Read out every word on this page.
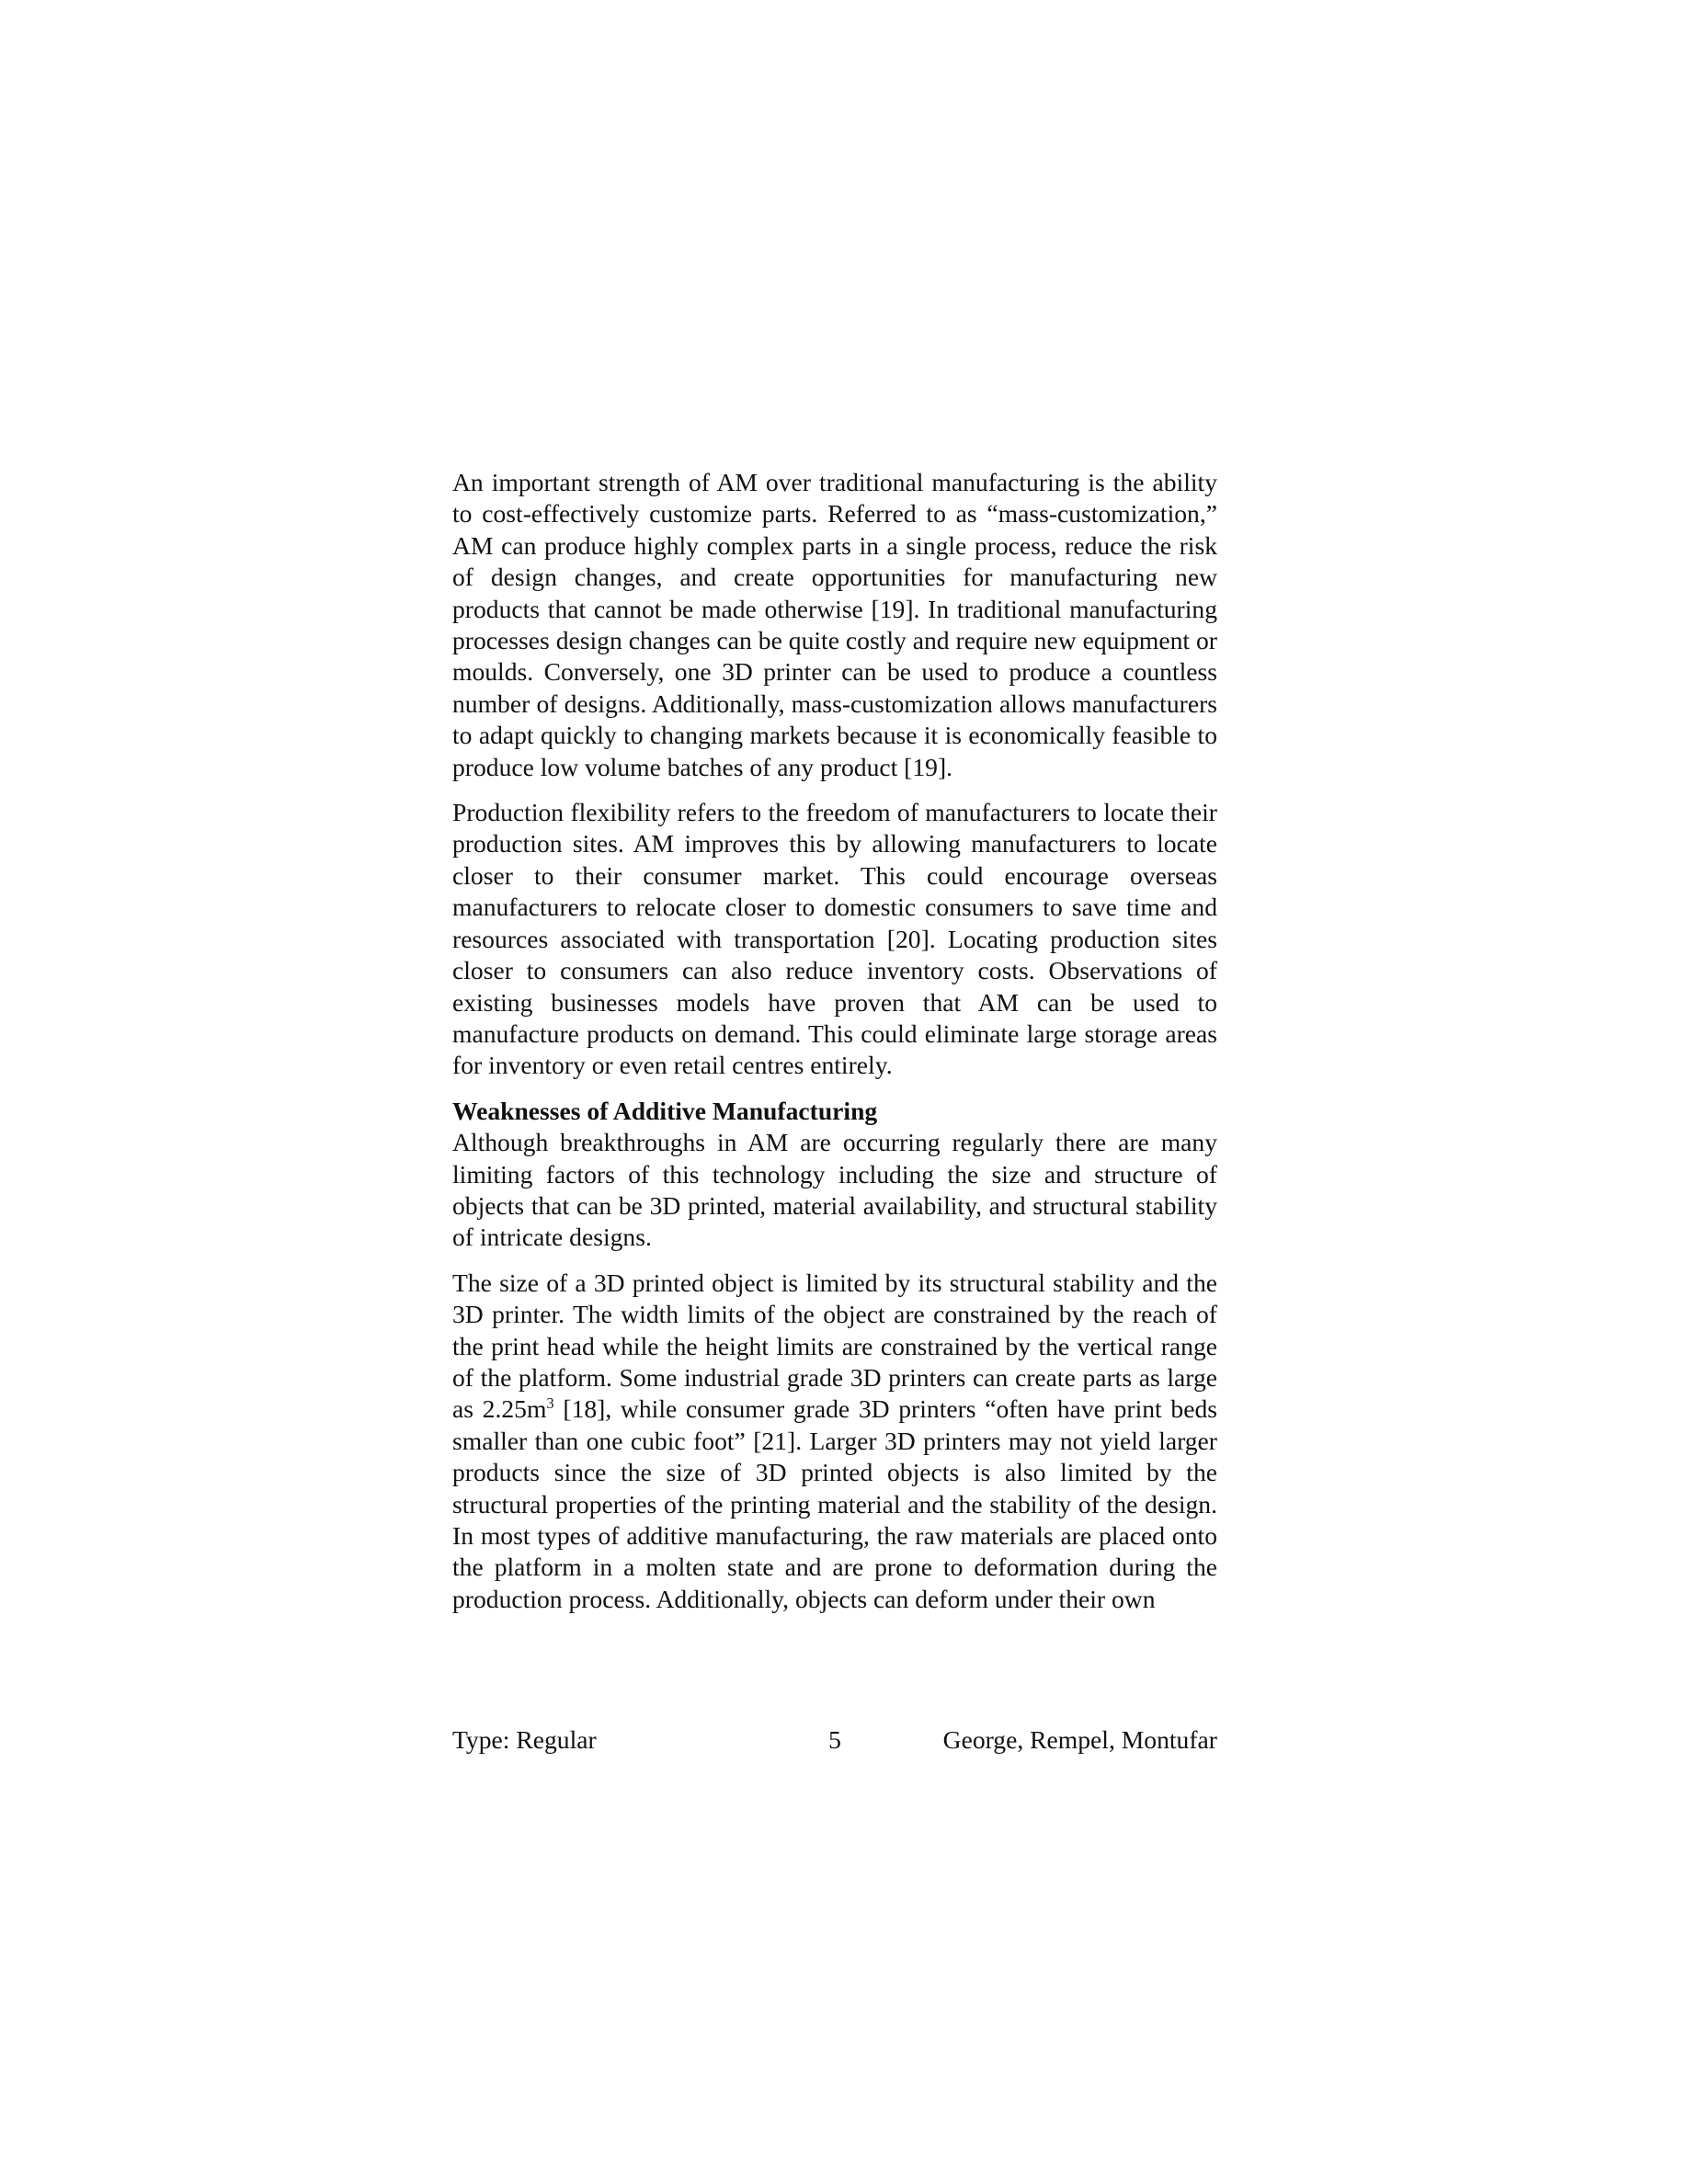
An important strength of AM over traditional manufacturing is the ability to cost-effectively customize parts. Referred to as “mass-customization,” AM can produce highly complex parts in a single process, reduce the risk of design changes, and create opportunities for manufacturing new products that cannot be made otherwise [19]. In traditional manufacturing processes design changes can be quite costly and require new equipment or moulds. Conversely, one 3D printer can be used to produce a countless number of designs. Additionally, mass-customization allows manufacturers to adapt quickly to changing markets because it is economically feasible to produce low volume batches of any product [19].

Production flexibility refers to the freedom of manufacturers to locate their production sites. AM improves this by allowing manufacturers to locate closer to their consumer market. This could encourage overseas manufacturers to relocate closer to domestic consumers to save time and resources associated with transportation [20]. Locating production sites closer to consumers can also reduce inventory costs. Observations of existing businesses models have proven that AM can be used to manufacture products on demand. This could eliminate large storage areas for inventory or even retail centres entirely.

Weaknesses of Additive Manufacturing

Although breakthroughs in AM are occurring regularly there are many limiting factors of this technology including the size and structure of objects that can be 3D printed, material availability, and structural stability of intricate designs.

The size of a 3D printed object is limited by its structural stability and the 3D printer. The width limits of the object are constrained by the reach of the print head while the height limits are constrained by the vertical range of the platform. Some industrial grade 3D printers can create parts as large as $2.25m^3$ [18], while consumer grade 3D printers “often have print beds smaller than one cubic foot” [21]. Larger 3D printers may not yield larger products since the size of 3D printed objects is also limited by the structural properties of the printing material and the stability of the design. In most types of additive manufacturing, the raw materials are placed onto the platform in a molten state and are prone to deformation during the production process. Additionally, objects can deform under their own

Type: Regular	5	George, Rempel, Montufar
